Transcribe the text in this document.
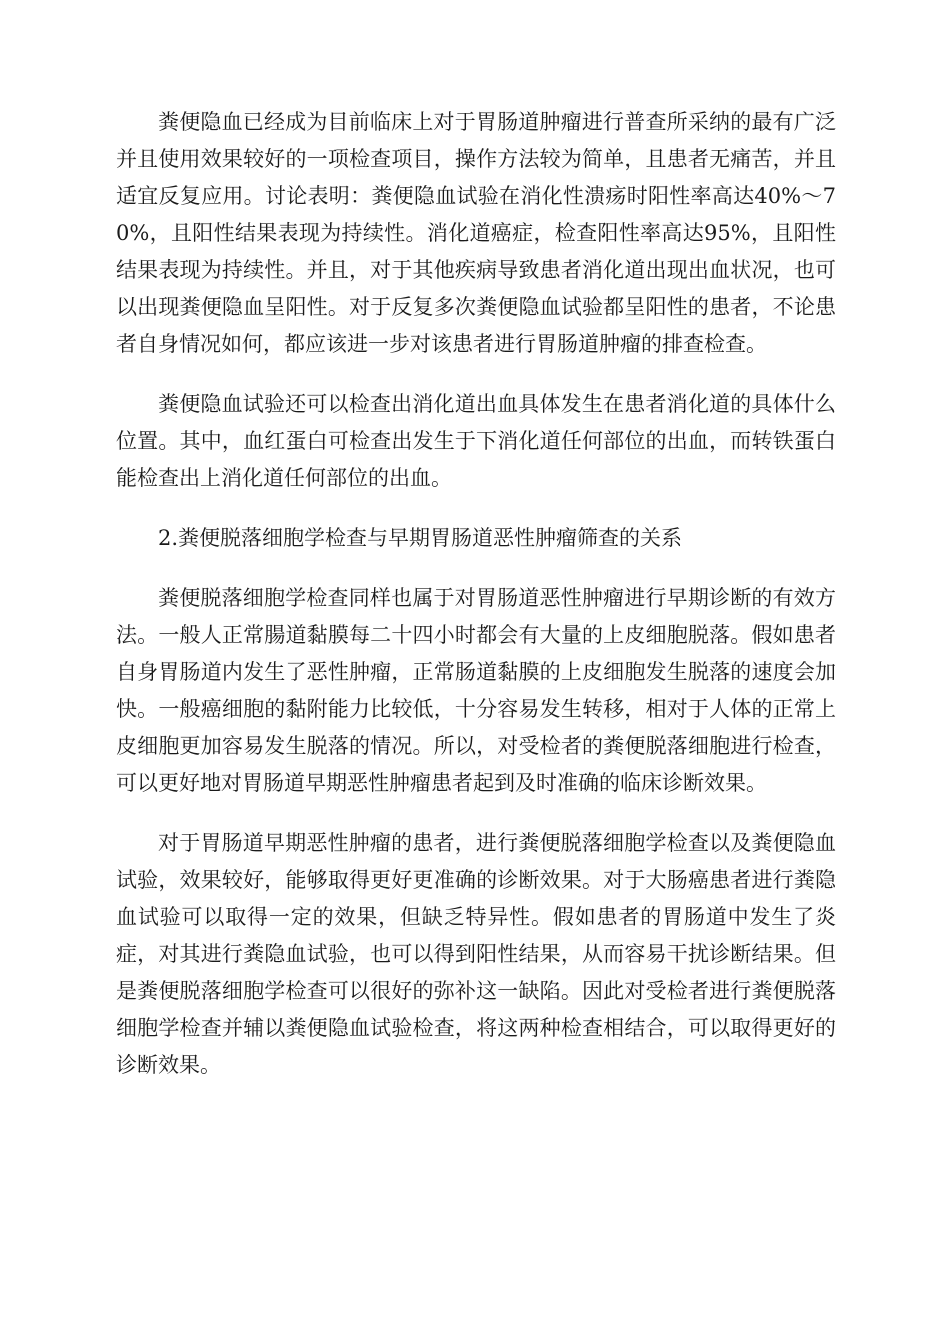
粪便隐血已经成为目前临床上对于胃肠道肿瘤进行普查所采纳的最有广泛并且使用效果较好的一项检查项目，操作方法较为简单，且患者无痛苦，并且适宜反复应用。讨论表明：粪便隐血试验在消化性溃疡时阳性率高达40%～70%，且阳性结果表现为持续性。消化道癌症，检查阳性率高达95%，且阳性结果表现为持续性。并且，对于其他疾病导致患者消化道出现出血状况，也可以出现粪便隐血呈阳性。对于反复多次粪便隐血试验都呈阳性的患者，不论患者自身情况如何，都应该进一步对该患者进行胃肠道肿瘤的排查检查。

粪便隐血试验还可以检查出消化道出血具体发生在患者消化道的具体什么位置。其中，血红蛋白可检查出发生于下消化道任何部位的出血，而转铁蛋白能检查出上消化道任何部位的出血。

2.粪便脱落细胞学检查与早期胃肠道恶性肿瘤筛查的关系

粪便脱落细胞学检查同样也属于对胃肠道恶性肿瘤进行早期诊断的有效方法。一般人正常腸道黏膜每二十四小时都会有大量的上皮细胞脱落。假如患者自身胃肠道内发生了恶性肿瘤，正常肠道黏膜的上皮细胞发生脱落的速度会加快。一般癌细胞的黏附能力比较低，十分容易发生转移，相对于人体的正常上皮细胞更加容易发生脱落的情况。所以，对受检者的粪便脱落细胞进行检查，可以更好地对胃肠道早期恶性肿瘤患者起到及时准确的临床诊断效果。

对于胃肠道早期恶性肿瘤的患者，进行粪便脱落细胞学检查以及粪便隐血试验，效果较好，能够取得更好更准确的诊断效果。对于大肠癌患者进行粪隐血试验可以取得一定的效果，但缺乏特异性。假如患者的胃肠道中发生了炎症，对其进行粪隐血试验，也可以得到阳性结果，从而容易干扰诊断结果。但是粪便脱落细胞学检查可以很好的弥补这一缺陷。因此对受检者进行粪便脱落细胞学检查并辅以粪便隐血试验检查，将这两种检查相结合，可以取得更好的诊断效果。
